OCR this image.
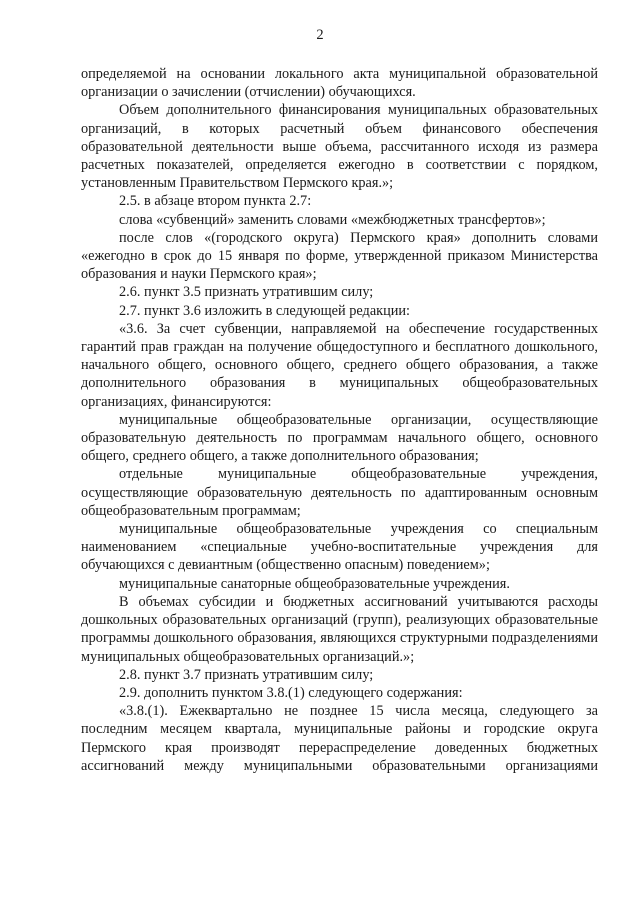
2

определяемой на основании локального акта муниципальной образовательной организации о зачислении (отчислении) обучающихся.

Объем дополнительного финансирования муниципальных образовательных организаций, в которых расчетный объем финансового обеспечения образовательной деятельности выше объема, рассчитанного исходя из размера расчетных показателей, определяется ежегодно в соответствии с порядком, установленным Правительством Пермского края.»;

2.5. в абзаце втором пункта 2.7:

слова «субвенций» заменить словами «межбюджетных трансфертов»;

после слов «(городского округа) Пермского края» дополнить словами «ежегодно в срок до 15 января по форме, утвержденной приказом Министерства образования и науки Пермского края»;

2.6. пункт 3.5 признать утратившим силу;

2.7. пункт 3.6 изложить в следующей редакции:

«3.6. За счет субвенции, направляемой на обеспечение государственных гарантий прав граждан на получение общедоступного и бесплатного дошкольного, начального общего, основного общего, среднего общего образования, а также дополнительного образования в муниципальных общеобразовательных организациях, финансируются:

муниципальные общеобразовательные организации, осуществляющие образовательную деятельность по программам начального общего, основного общего, среднего общего, а также дополнительного образования;

отдельные муниципальные общеобразовательные учреждения, осуществляющие образовательную деятельность по адаптированным основным общеобразовательным программам;

муниципальные общеобразовательные учреждения со специальным наименованием «специальные учебно-воспитательные учреждения для обучающихся с девиантным (общественно опасным) поведением»;

муниципальные санаторные общеобразовательные учреждения.

В объемах субсидии и бюджетных ассигнований учитываются расходы дошкольных образовательных организаций (групп), реализующих образовательные программы дошкольного образования, являющихся структурными подразделениями муниципальных общеобразовательных организаций.»;

2.8. пункт 3.7 признать утратившим силу;

2.9. дополнить пунктом 3.8.(1) следующего содержания:

«3.8.(1). Ежеквартально не позднее 15 числа месяца, следующего за последним месяцем квартала, муниципальные районы и городские округа Пермского края производят перераспределение доведенных бюджетных ассигнований между муниципальными образовательными организациями
